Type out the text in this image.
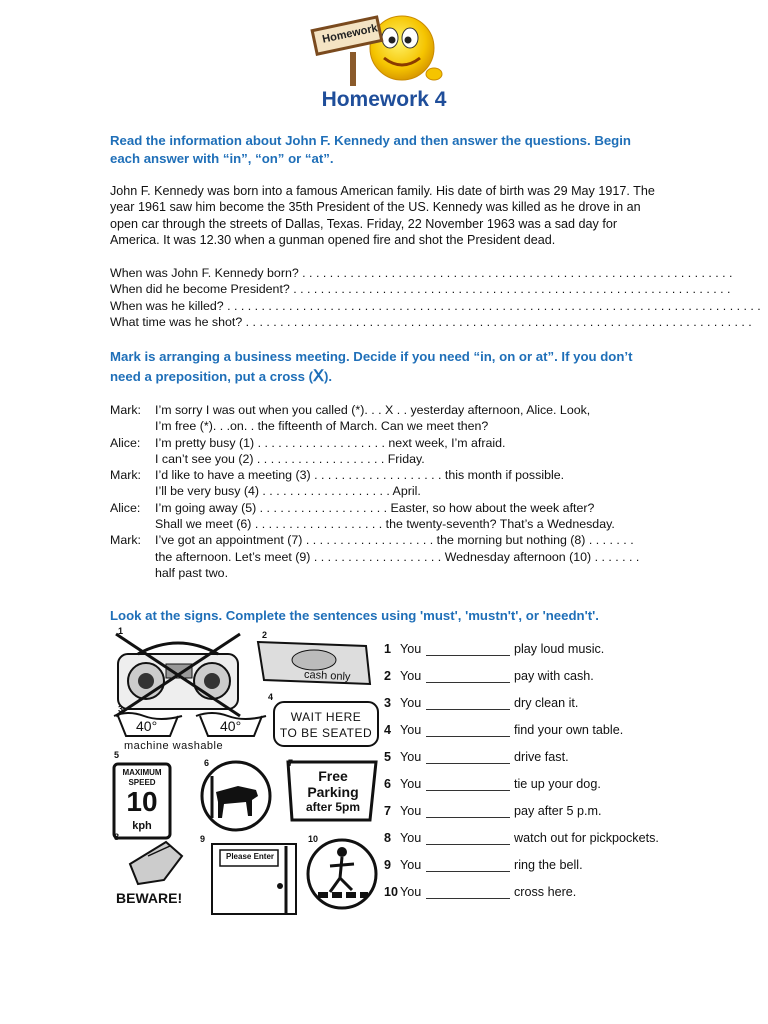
Homework
Homework 4
Read the information about John F. Kennedy and then answer the questions. Begin each answer with “in”, “on” or “at”.
John F. Kennedy was born into a famous American family. His date of birth was 29 May 1917. The year 1961 saw him become the 35th President of the US. Kennedy was killed as he drove in an open car through the streets of Dallas, Texas. Friday, 22 November 1963 was a sad day for America. It was 12.30 when a gunman opened fire and shot the President dead.
When was John F. Kennedy born? . . . . . . . . . . . . . . . . . . . . . . . . . . . . . . . . . . . . . . . . . . . . . . . . . . . . . . . . . . . . . . .
When did he become President? . . . . . . . . . . . . . . . . . . . . . . . . . . . . . . . . . . . . . . . . . . . . . . . . . . . . . . . . . . . . . . . .
When was he killed? . . . . . . . . . . . . . . . . . . . . . . . . . . . . . . . . . . . . . . . . . . . . . . . . . . . . . . . . . . . . . . . . . . . . . . . . . . . . . .
What time was he shot? . . . . . . . . . . . . . . . . . . . . . . . . . . . . . . . . . . . . . . . . . . . . . . . . . . . . . . . . . . . . . . . . . . . . . . . . . .
Mark is arranging a business meeting. Decide if you need “in, on or at”. If you don’t need a preposition, put a cross (Ⅹ).
Mark:	I’m sorry I was out when you called (*). . . X . . yesterday afternoon, Alice. Look,
I’m free (*). . .on. . the fifteenth of March. Can we meet then?
Alice:	I’m pretty busy (1) . . . . . . . . . . . . . . . . . . . next week, I’m afraid.
I can’t see you (2) . . . . . . . . . . . . . . . . . . . Friday.
Mark:	I’d like to have a meeting (3) . . . . . . . . . . . . . . . . . . . this month if possible.
I’ll be very busy (4) . . . . . . . . . . . . . . . . . . . April.
Alice:	I’m going away (5) . . . . . . . . . . . . . . . . . . . Easter, so how about the week after?
Shall we meet (6) . . . . . . . . . . . . . . . . . . . the twenty-seventh? That’s a Wednesday.
Mark:	I’ve got an appointment (7) . . . . . . . . . . . . . . . . . . . the morning but nothing (8) . . . . . . .
the afternoon. Let’s meet (9) . . . . . . . . . . . . . . . . . . . Wednesday afternoon (10) . . . . . . .
half past two.
Look at the signs. Complete the sentences using 'must', 'mustn't', or 'needn't'.
1	2
3
4
5
6	7
8	9	10
cash only
40°	40°
machine washable
WAIT HERE
TO BE SEATED
MAXIMUM
SPEED
10
kph
Free
Parking
after 5pm
Please Enter
BEWARE!
1 You	play loud music.
2 You	pay with cash.
3 You	dry clean it.
4 You	find your own table.
5 You	drive fast.
6 You	tie up your dog.
7 You	pay after 5 p.m.
8 You	watch out for pickpockets.
9 You	ring the bell.
10 You	cross here.
